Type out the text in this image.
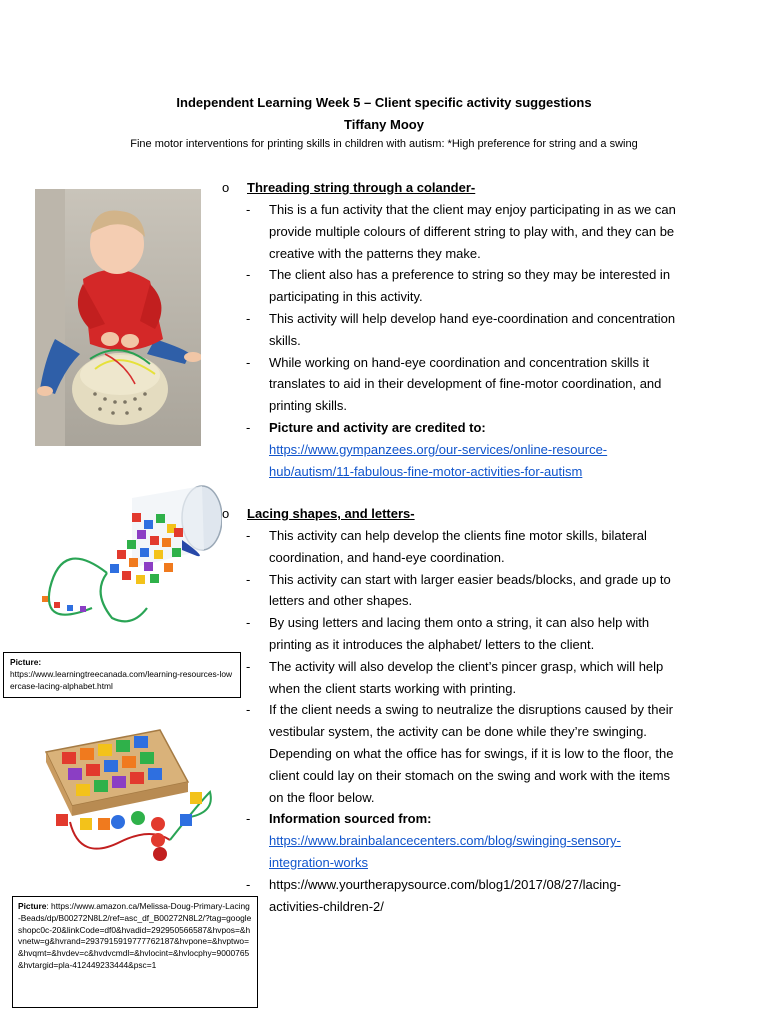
Independent Learning Week 5 – Client specific activity suggestions
Tiffany Mooy
Fine motor interventions for printing skills in children with autism: *High preference for string and a swing
o Threading string through a colander-
- This is a fun activity that the client may enjoy participating in as we can provide multiple colours of different string to play with, and they can be creative with the patterns they make.
- The client also has a preference to string so they may be interested in participating in this activity.
- This activity will help develop hand eye-coordination and concentration skills.
- While working on hand-eye coordination and concentration skills it translates to aid in their development of fine-motor coordination, and printing skills.
- Picture and activity are credited to:
https://www.gympanzees.org/our-services/online-resource-hub/autism/11-fabulous-fine-motor-activities-for-autism
Picture:
https://www.learningtreecanada.com/learning-resources-lowercase-lacing-alphabet.html
o Lacing shapes, and letters-
- This activity can help develop the clients fine motor skills, bilateral coordination, and hand-eye coordination.
- This activity can start with larger easier beads/blocks, and grade up to letters and other shapes.
- By using letters and lacing them onto a string, it can also help with printing as it introduces the alphabet/ letters to the client.
- The activity will also develop the client’s pincer grasp, which will help when the client starts working with printing.
- If the client needs a swing to neutralize the disruptions caused by their vestibular system, the activity can be done while they’re swinging. Depending on what the office has for swings, if it is low to the floor, the client could lay on their stomach on the swing and work with the items on the floor below.
- Information sourced from:
https://www.brainbalancecenters.com/blog/swinging-sensory-integration-works
- https://www.yourtherapysource.com/blog1/2017/08/27/lacing-activities-children-2/
Picture: https://www.amazon.ca/Melissa-Doug-Primary-Lacing-Beads/dp/B00272N8L2/ref=asc_df_B00272N8L2/?tag=googleshopc0c-20&linkCode=df0&hvadid=292950566587&hvpos=&hvnetw=g&hvrand=2937915919777762187&hvpone=&hvptwo=&hvqmt=&hvdev=c&hvdvcmdl=&hvlocint=&hvlocphy=9000765&hvtargid=pla-412449233444&psc=1
